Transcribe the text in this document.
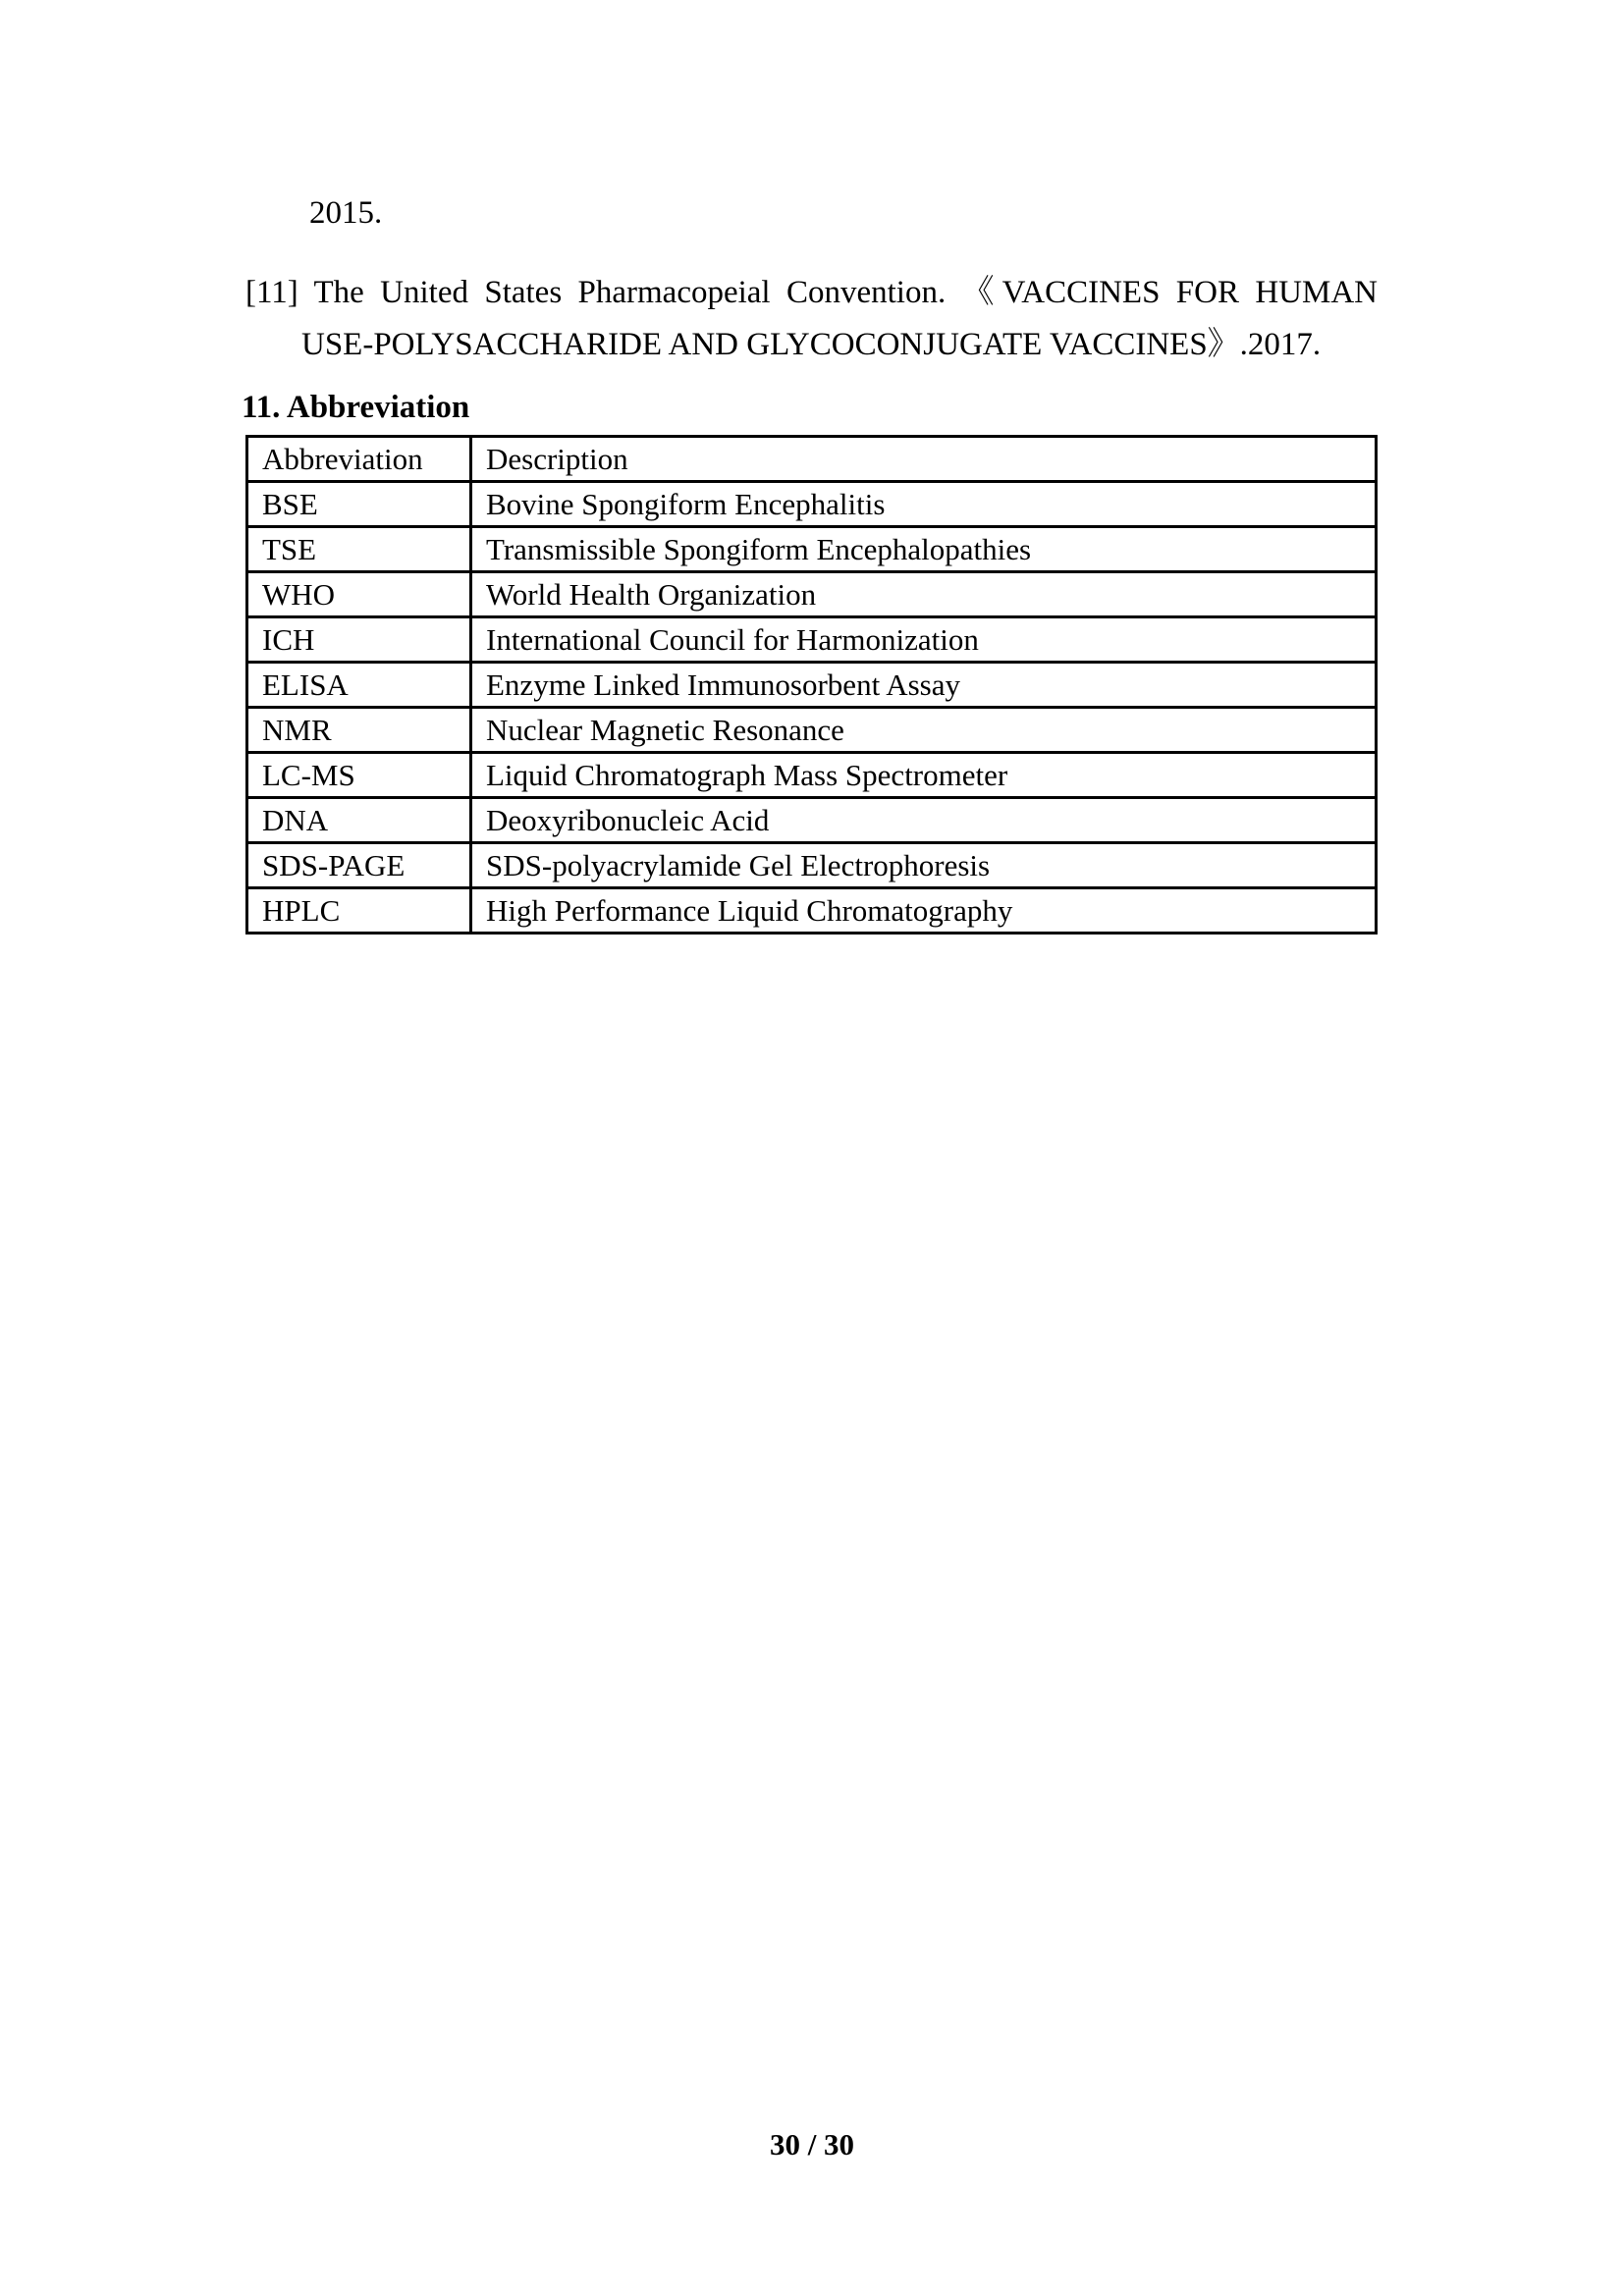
2015.
[11] The United States Pharmacopeial Convention. 《VACCINES FOR HUMAN
USE-POLYSACCHARIDE AND GLYCOCONJUGATE VACCINES》.2017.
11. Abbreviation
Abbreviation	Description
BSE	Bovine Spongiform Encephalitis
TSE	Transmissible Spongiform Encephalopathies
WHO	World Health Organization
ICH	International Council for Harmonization
ELISA	Enzyme Linked Immunosorbent Assay
NMR	Nuclear Magnetic Resonance
LC-MS	Liquid Chromatograph Mass Spectrometer
DNA	Deoxyribonucleic Acid
SDS-PAGE	SDS-polyacrylamide Gel Electrophoresis
HPLC	High Performance Liquid Chromatography
30 / 30
